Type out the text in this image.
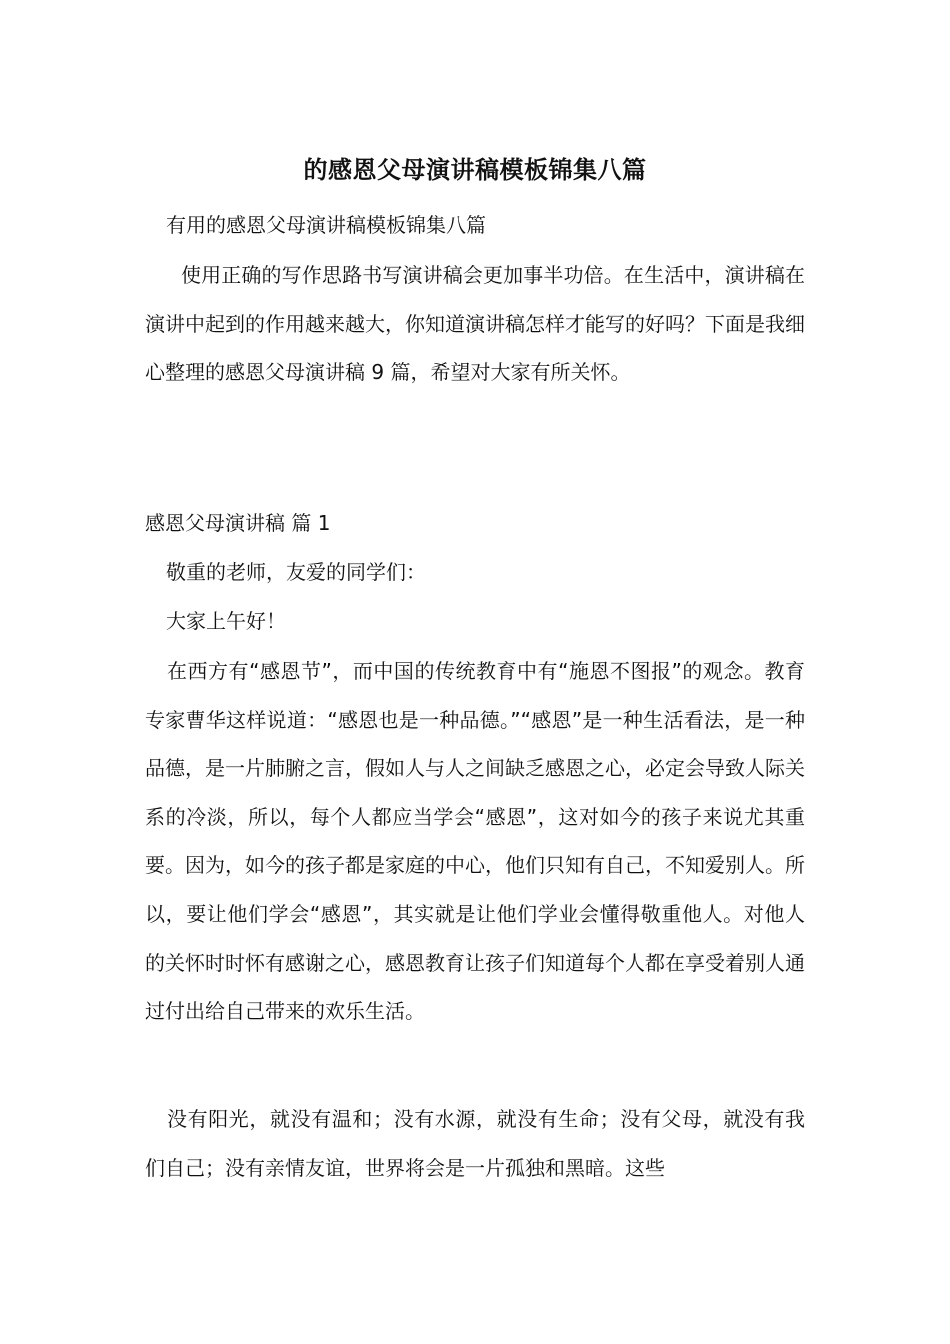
的感恩父母演讲稿模板锦集八篇
有用的感恩父母演讲稿模板锦集八篇

使用正确的写作思路书写演讲稿会更加事半功倍。在生活中，演讲稿在演讲中起到的作用越来越大，你知道演讲稿怎样才能写的好吗？下面是我细心整理的感恩父母演讲稿 9 篇，希望对大家有所关怀。

感恩父母演讲稿 篇 1
敬重的老师，友爱的同学们：
大家上午好！

在西方有“感恩节”，而中国的传统教育中有“施恩不图报”的观念。教育专家曹华这样说道：“感恩也是一种品德。”“感恩”是一种生活看法，是一种品德，是一片肺腑之言，假如人与人之间缺乏感恩之心，必定会导致人际关系的冷淡，所以，每个人都应当学会“感恩”，这对如今的孩子来说尤其重要。因为，如今的孩子都是家庭的中心，他们只知有自己，不知爱别人。所以，要让他们学会“感恩”，其实就是让他们学业会懂得敬重他人。对他人的关怀时时怀有感谢之心，感恩教育让孩子们知道每个人都在享受着别人通过付出给自己带来的欢乐生活。

没有阳光，就没有温和；没有水源，就没有生命；没有父母，就没有我们自己；没有亲情友谊，世界将会是一片孤独和黑暗。这些
